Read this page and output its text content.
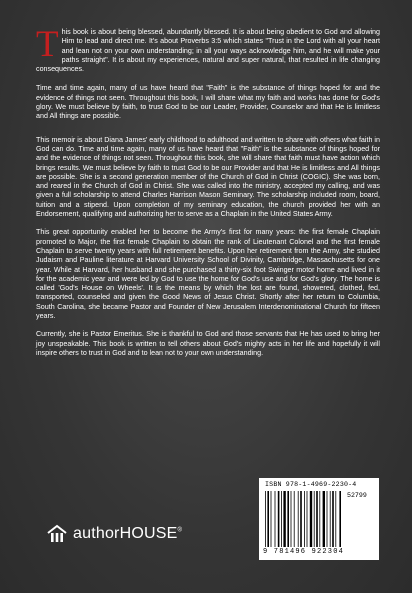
This book is about being blessed, abundantly blessed. It is about being obedient to God and allowing Him to lead and direct me. It's about Proverbs 3:5 which states "Trust in the Lord with all your heart and lean not on your own understanding; in all your ways acknowledge him, and he will make your paths straight". It is about my experiences, natural and super natural, that resulted in life changing consequences.

Time and time again, many of us have heard that "Faith" is the substance of things hoped for and the evidence of things not seen. Throughout this book, I will share what my faith and works has done for God's glory. We must believe by faith, to trust God to be our Leader, Provider, Counselor and that He is limitless and All things are possible.

This memoir is about Diana James' early childhood to adulthood and written to share with others what faith in God can do. Time and time again, many of us have heard that "Faith" is the substance of things hoped for and the evidence of things not seen. Throughout this book, she will share that faith must have action which brings results. We must believe by faith to trust God to be our Provider and that He is limitless and All things are possible. She is a second generation member of the Church of God in Christ (COGIC). She was born, and reared in the Church of God in Christ. She was called into the ministry, accepted my calling, and was given a full scholarship to attend Charles Harrison Mason Seminary. The scholarship included room, board, tuition and a stipend. Upon completion of my seminary education, the church provided her with an Endorsement, qualifying and authorizing her to serve as a Chaplain in the United States Army.

This great opportunity enabled her to become the Army's first for many years: the first female Chaplain promoted to Major, the first female Chaplain to obtain the rank of Lieutenant Colonel and the first female Chaplain to serve twenty years with full retirement benefits. Upon her retirement from the Army, she studied Judaism and Pauline literature at Harvard University School of Divinity, Cambridge, Massachusetts for one year. While at Harvard, her husband and she purchased a thirty-six foot Swinger motor home and lived in it for the academic year and were led by God to use the home for God's use and for God's glory. The home is called 'God's House on Wheels'. It is the means by which the lost are found, showered, clothed, fed, transported, counseled and given the Good News of Jesus Christ. Shortly after her return to Columbia, South Carolina, she became Pastor and Founder of New Jerusalem Interdenominational Church for fifteen years.

Currently, she is Pastor Emeritus. She is thankful to God and those servants that He has used to bring her joy unspeakable. This book is written to tell others about God's mighty acts in her life and hopefully it will inspire others to trust in God and to lean not to your own understanding.

authorHOUSE®
ISBN 978-1-4969-2230-4
52799
9 781496 922304
